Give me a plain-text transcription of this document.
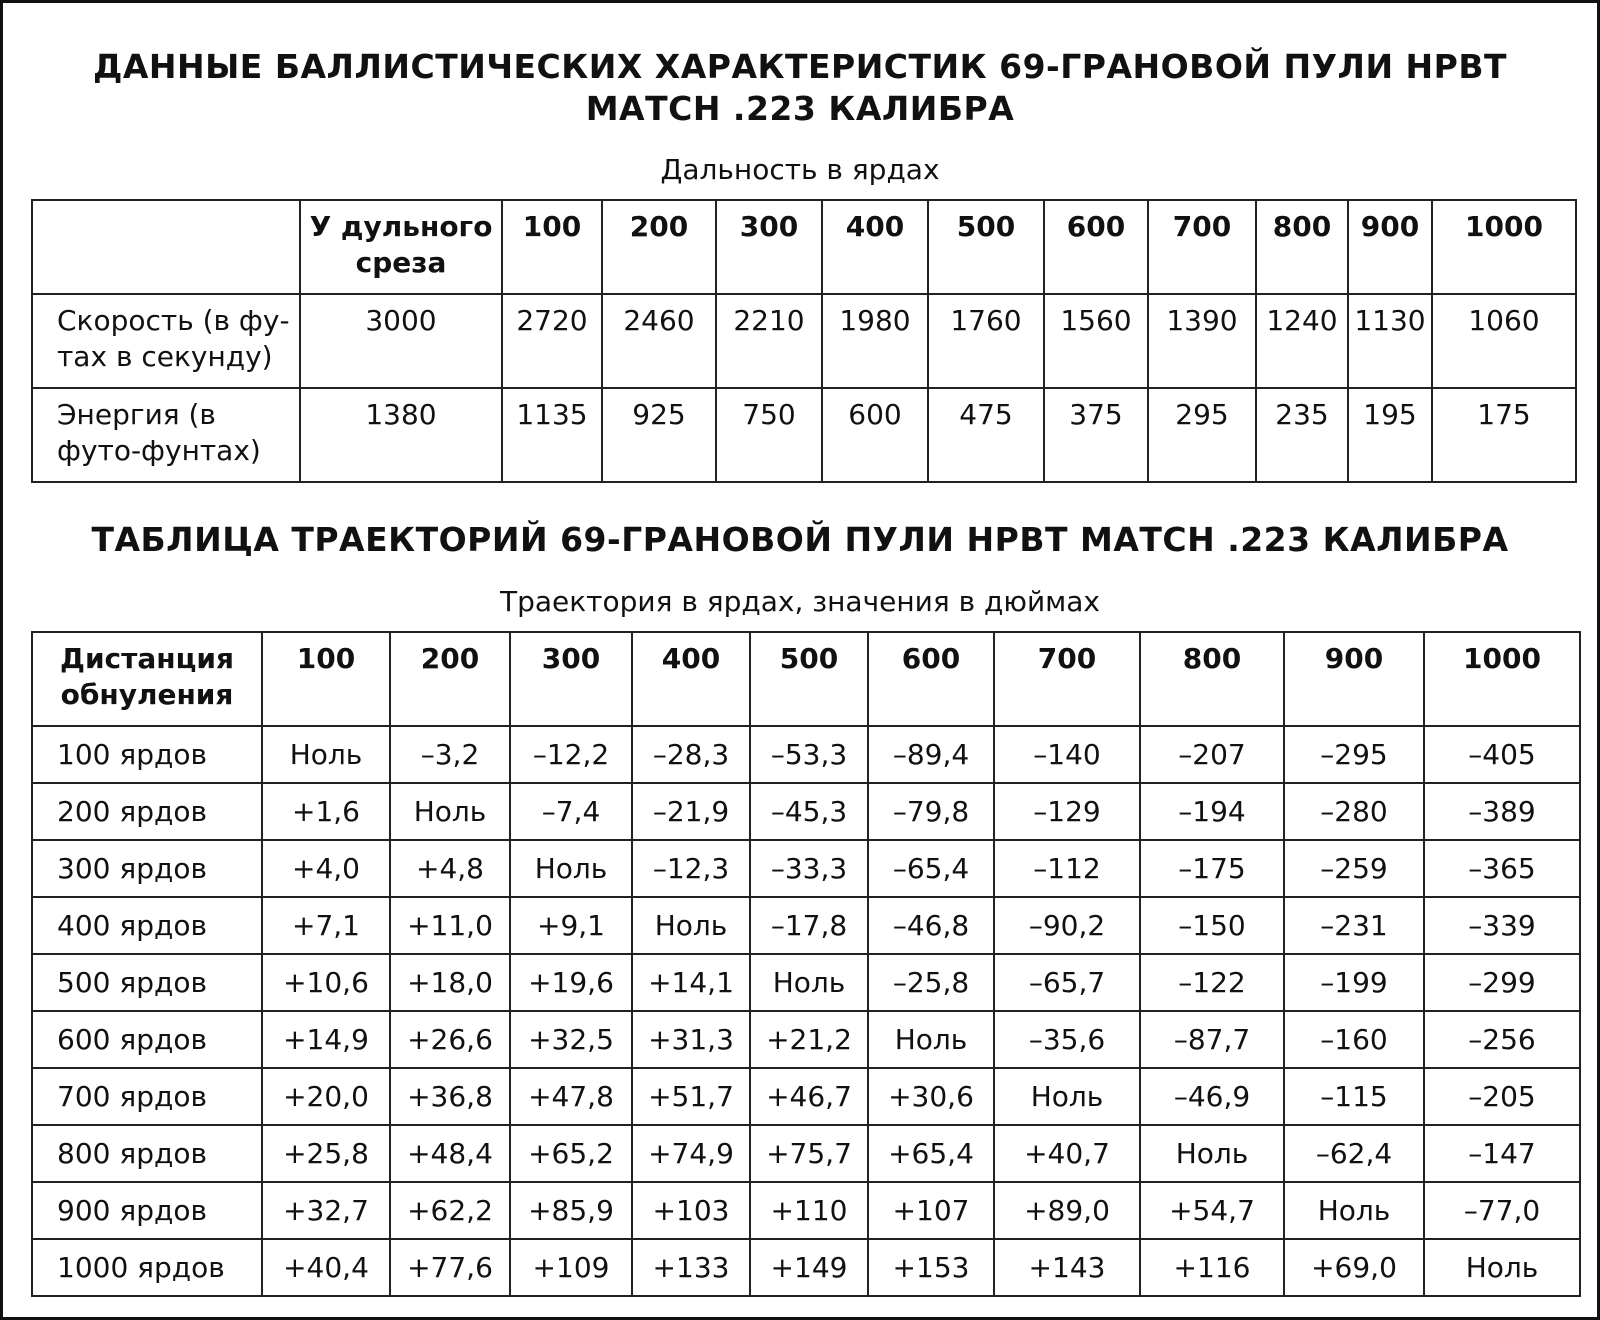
ДАННЫЕ БАЛЛИСТИЧЕСКИХ ХАРАКТЕРИСТИК 69-ГРАНОВОЙ ПУЛИ HPBT МАТСН .223 КАЛИБРА
Дальность в ярдах
	У дульного среза	100	200	300	400	500	600	700	800	900	1000
Скорость (в фу-тах в секунду)	3000	2720	2460	2210	1980	1760	1560	1390	1240	1130	1060
Энергия (в футо-фунтах)	1380	1135	925	750	600	475	375	295	235	195	175
ТАБЛИЦА ТРАЕКТОРИЙ 69-ГРАНОВОЙ ПУЛИ HPBT МАТСН .223 КАЛИБРА
Траектория в ярдах, значения в дюймах
Дистанция обнуления	100	200	300	400	500	600	700	800	900	1000
100 ярдов	Ноль	–3,2	–12,2	–28,3	–53,3	–89,4	–140	–207	–295	–405
200 ярдов	+1,6	Ноль	–7,4	–21,9	–45,3	–79,8	–129	–194	–280	–389
300 ярдов	+4,0	+4,8	Ноль	–12,3	–33,3	–65,4	–112	–175	–259	–365
400 ярдов	+7,1	+11,0	+9,1	Ноль	–17,8	–46,8	–90,2	–150	–231	–339
500 ярдов	+10,6	+18,0	+19,6	+14,1	Ноль	–25,8	–65,7	–122	–199	–299
600 ярдов	+14,9	+26,6	+32,5	+31,3	+21,2	Ноль	–35,6	–87,7	–160	–256
700 ярдов	+20,0	+36,8	+47,8	+51,7	+46,7	+30,6	Ноль	–46,9	–115	–205
800 ярдов	+25,8	+48,4	+65,2	+74,9	+75,7	+65,4	+40,7	Ноль	–62,4	–147
900 ярдов	+32,7	+62,2	+85,9	+103	+110	+107	+89,0	+54,7	Ноль	–77,0
1000 ярдов	+40,4	+77,6	+109	+133	+149	+153	+143	+116	+69,0	Ноль
